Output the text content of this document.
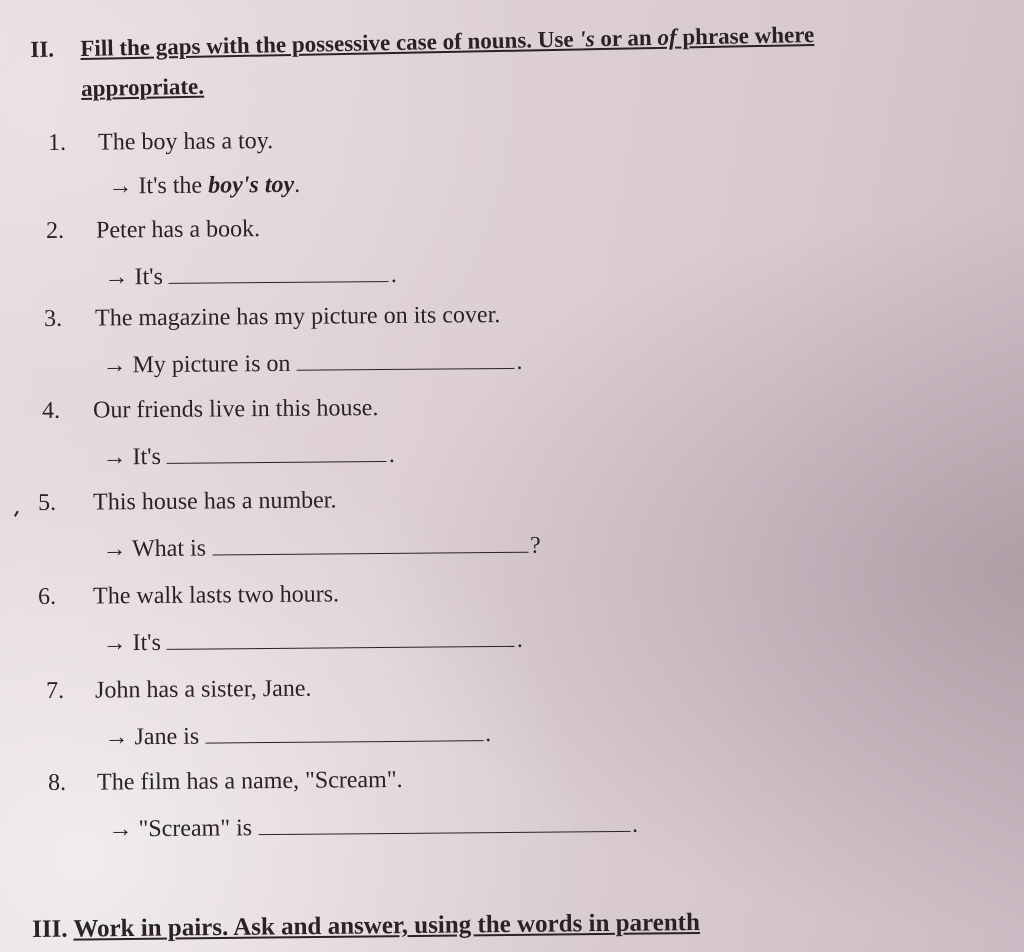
II. Fill the gaps with the possessive case of nouns. Use 's or an of phrase where
appropriate.
1. The boy has a toy.
→ It's the boy's toy.
2. Peter has a book.
→ It's	.
3. The magazine has my picture on its cover.
→ My picture is on	.
4. Our friends live in this house.
→ It's	.
5. This house has a number.
→ What is	?
6. The walk lasts two hours.
→ It's	.
7. John has a sister, Jane.
→ Jane is	.
8. The film has a name, "Scream".
→ "Scream" is	.
III. Work in pairs. Ask and answer, using the words in parenth
